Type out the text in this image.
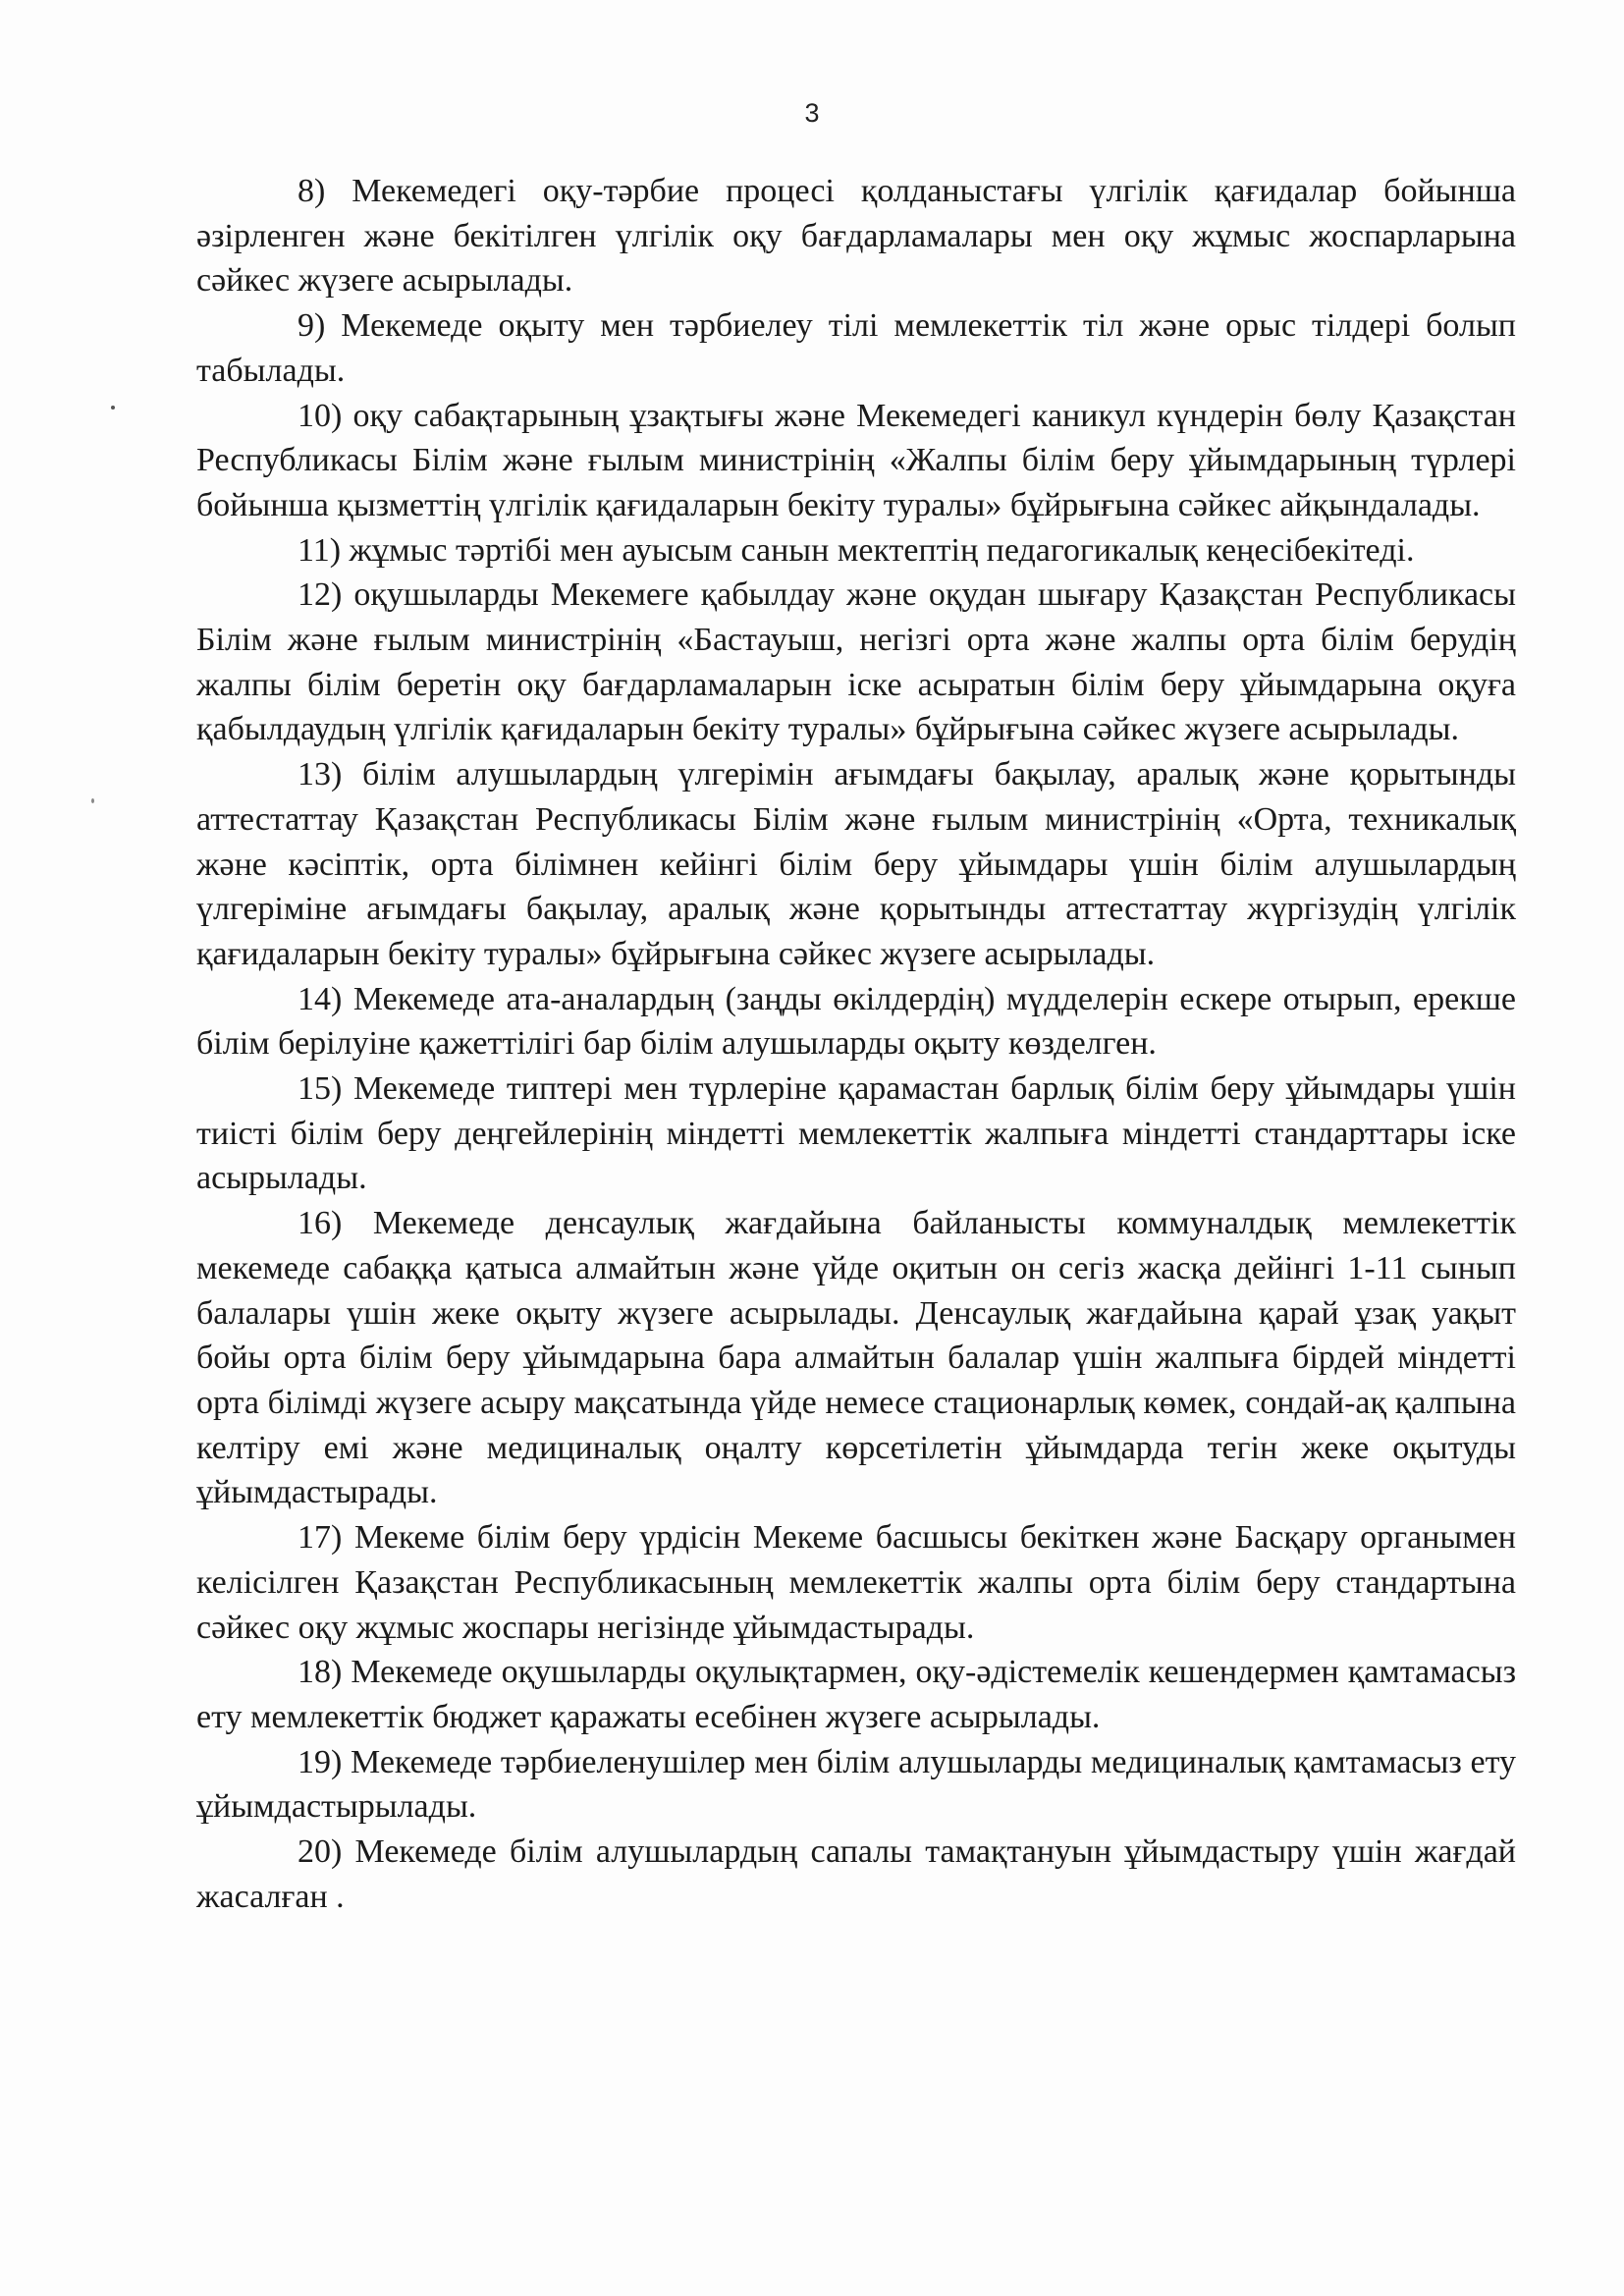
3

8) Мекемедегі оқу-тәрбие процесі қолданыстағы үлгілік қағидалар бойынша әзірленген және бекітілген үлгілік оқу бағдарламалары мен оқу жұмыс жоспарларына сәйкес жүзеге асырылады.

9) Мекемеде оқыту мен тәрбиелеу тілі мемлекеттік тіл және орыс тілдері болып табылады.

10) оқу сабақтарының ұзақтығы және Мекемедегі каникул күндерін бөлу Қазақстан Республикасы Білім және ғылым министрінің «Жалпы білім беру ұйымдарының түрлері бойынша қызметтің үлгілік қағидаларын бекіту туралы» бұйрығына сәйкес айқындалады.

11) жұмыс тәртібі мен ауысым санын мектептің педагогикалық кеңесібекітеді.

12) оқушыларды Мекемеге қабылдау және оқудан шығару Қазақстан Республикасы Білім және ғылым министрінің «Бастауыш, негізгі орта және жалпы орта білім берудің жалпы білім беретін оқу бағдарламаларын іске асыратын білім беру ұйымдарына оқуға қабылдаудың үлгілік қағидаларын бекіту туралы» бұйрығына сәйкес жүзеге асырылады.

13) білім алушылардың үлгерімін ағымдағы бақылау, аралық және қорытынды аттестаттау Қазақстан Республикасы Білім және ғылым министрінің «Орта, техникалық және кәсіптік, орта білімнен кейінгі білім беру ұйымдары үшін білім алушылардың үлгеріміне ағымдағы бақылау, аралық және қорытынды аттестаттау жүргізудің үлгілік қағидаларын бекіту туралы» бұйрығына сәйкес жүзеге асырылады.

14) Мекемеде ата-аналардың (заңды өкілдердің) мүдделерін ескере отырып, ерекше білім берілуіне қажеттілігі бар білім алушыларды оқыту көзделген.

15) Мекемеде типтері мен түрлеріне қарамастан барлық білім беру ұйымдары үшін тиісті білім беру деңгейлерінің міндетті мемлекеттік жалпыға міндетті стандарттары іске асырылады.

16) Мекемеде денсаулық жағдайына байланысты коммуналдық мемлекеттік мекемеде сабаққа қатыса алмайтын және үйде оқитын он сегіз жасқа дейінгі 1-11 сынып балалары үшін жеке оқыту жүзеге асырылады. Денсаулық жағдайына қарай ұзақ уақыт бойы орта білім беру ұйымдарына бара алмайтын балалар үшін жалпыға бірдей міндетті орта білімді жүзеге асыру мақсатында үйде немесе стационарлық көмек, сондай-ақ қалпына келтіру емі және медициналық оңалту көрсетілетін ұйымдарда тегін жеке оқытуды ұйымдастырады.

17) Мекеме білім беру үрдісін Мекеме басшысы бекіткен және Басқару органымен келісілген Қазақстан Республикасының мемлекеттік жалпы орта білім беру стандартына сәйкес оқу жұмыс жоспары негізінде ұйымдастырады.

18) Мекемеде оқушыларды оқулықтармен, оқу-әдістемелік кешендермен қамтамасыз ету мемлекеттік бюджет қаражаты есебінен жүзеге асырылады.

19) Мекемеде тәрбиеленушілер мен білім алушыларды медициналық қамтамасыз ету ұйымдастырылады.

20) Мекемеде білім алушылардың сапалы тамақтануын ұйымдастыру үшін жағдай жасалған .
